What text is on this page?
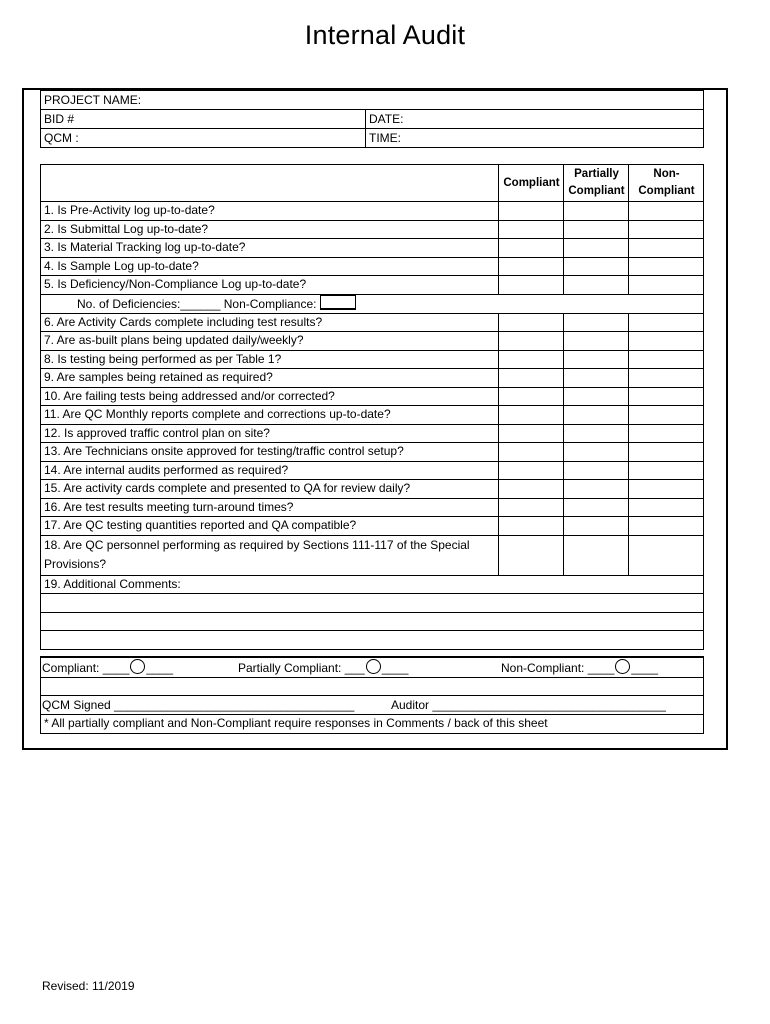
Internal Audit
PROJECT NAME:	
BID #	DATE:
QCM :	TIME:
	Compliant	Partially Compliant	Non-Compliant
1. Is Pre-Activity log up-to-date?			
2. Is Submittal Log up-to-date?			
3. Is Material Tracking log up-to-date?			
4. Is Sample Log up-to-date?			
5. Is Deficiency/Non-Compliance Log up-to-date?			
No. of Deficiencies:______ Non-Compliance:			
6. Are Activity Cards complete including test results?			
7. Are as-built plans being updated daily/weekly?			
8. Is testing being performed as per Table 1?			
9. Are samples being retained as required?			
10. Are failing tests being addressed and/or corrected?			
11. Are QC Monthly reports complete and corrections up-to-date?			
12. Is approved traffic control plan on site?			
13. Are Technicians onsite approved for testing/traffic control setup?			
14. Are internal audits performed as required?			
15. Are activity cards complete and presented to QA for review daily?			
16. Are test results meeting turn-around times?			
17. Are QC testing quantities reported and QA compatible?			

18. Are QC personnel performing as required by Sections 111-117 of the Special
Provisions?			

19. Additional Comments:			

Compliant: ____ ____	Partially Compliant: ___ ____	Non-Compliant: ____ ____

QCM Signed ____________________________________	Auditor ___________________________________

* All partially compliant and Non-Compliant require responses in Comments / back of this sheet
Revised: 11/2019
